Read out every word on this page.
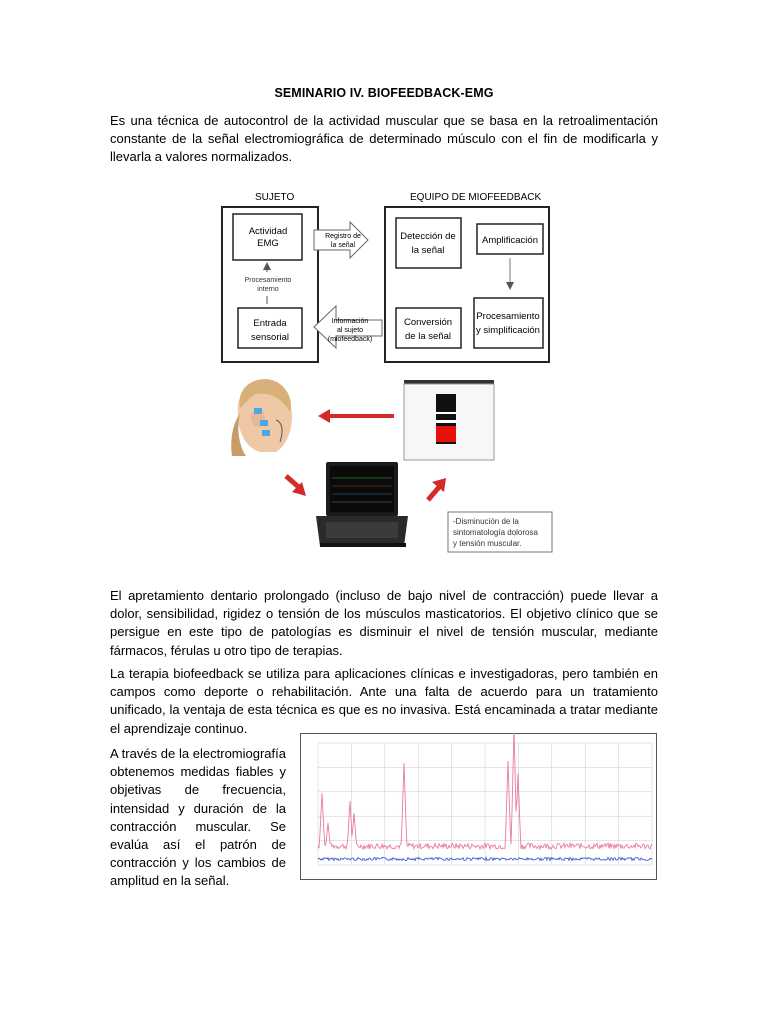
SEMINARIO IV. BIOFEEDBACK-EMG
Es una técnica de autocontrol de la actividad muscular que se basa en la retroalimentación constante de la señal electromiográfica de determinado músculo con el fin de modificarla y llevarla a valores normalizados.
SUJETO	EQUIPO DE MIOFEEDBACK
Actividad
EMG
Entrada
sensorial
Procesamiento
interno
Registro de
la señal
Información
al sujeto
(miofeedback)
Detección de
la señal
Amplificación
Conversión
de la señal
Procesamiento
y simplificación
-Disminución de la
sintomatología dolorosa
y tensión muscular.
El apretamiento dentario prolongado (incluso de bajo nivel de contracción) puede llevar a dolor, sensibilidad, rigidez o tensión de los músculos masticatorios. El objetivo clínico que se persigue en este tipo de patologías es disminuir el nivel de tensión muscular, mediante fármacos, férulas u otro tipo de terapias.
La terapia biofeedback se utiliza para aplicaciones clínicas e investigadoras, pero también en campos como deporte o rehabilitación. Ante una falta de acuerdo para un tratamiento unificado, la ventaja de esta técnica es que es no invasiva. Está encaminada a tratar mediante el aprendizaje continuo.
A través de la electromiografía obtenemos medidas fiables y objetivas de frecuencia, intensidad y duración de la contracción muscular. Se evalúa así el patrón de contracción y los cambios de amplitud en la señal.
